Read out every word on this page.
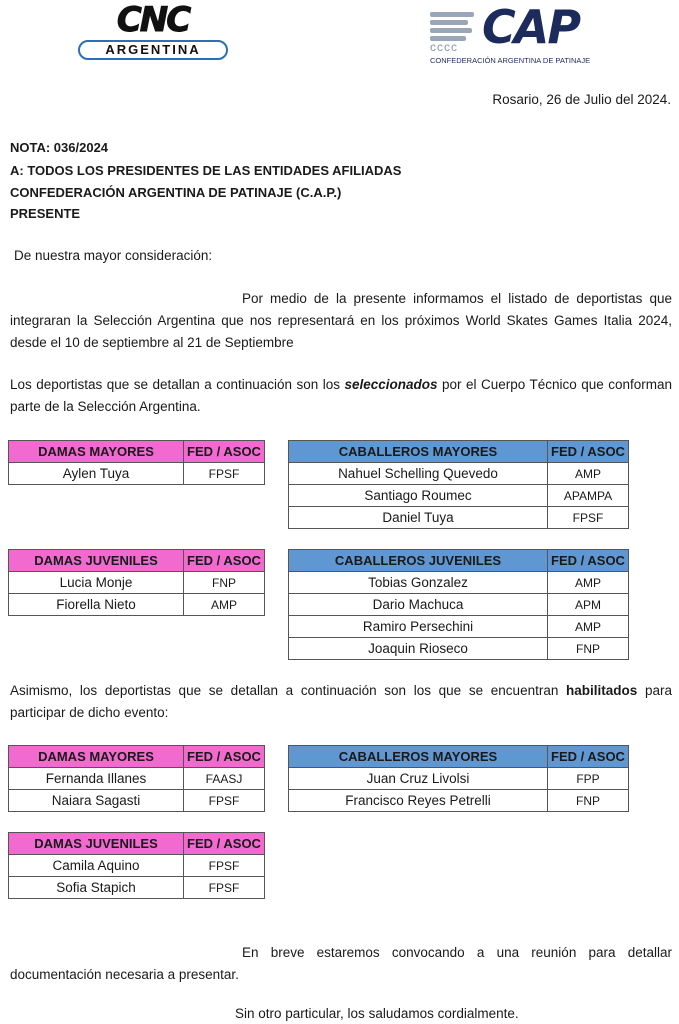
CNC
ARGENTINA	CAP
cccc
CONFEDERACIÓN ARGENTINA DE PATINAJE
Rosario, 26 de Julio del 2024.
NOTA: 036/2024
A: TODOS LOS PRESIDENTES DE LAS ENTIDADES AFILIADAS
CONFEDERACIÓN ARGENTINA DE PATINAJE (C.A.P.)
PRESENTE
De nuestra mayor consideración:
Por medio de la presente informamos el listado de deportistas que integraran la Selección Argentina que nos representará en los próximos World Skates Games Italia 2024, desde el 10 de septiembre al 21 de Septiembre
Los deportistas que se detallan a continuación son los seleccionados por el Cuerpo Técnico que conforman parte de la Selección Argentina.
DAMAS MAYORES	FED / ASOC
Aylen Tuya	FPSF
CABALLEROS MAYORES	FED / ASOC
Nahuel Schelling Quevedo	AMP
Santiago Roumec	APAMPA
Daniel Tuya	FPSF
DAMAS JUVENILES	FED / ASOC
Lucia Monje	FNP
Fiorella Nieto	AMP
CABALLEROS JUVENILES	FED / ASOC
Tobias Gonzalez	AMP
Dario Machuca	APM
Ramiro Persechini	AMP
Joaquin Rioseco	FNP
Asimismo, los deportistas que se detallan a continuación son los que se encuentran habilitados para participar de dicho evento:
DAMAS MAYORES	FED / ASOC
Fernanda Illanes	FAASJ
Naiara Sagasti	FPSF
CABALLEROS MAYORES	FED / ASOC
Juan Cruz Livolsi	FPP
Francisco Reyes Petrelli	FNP
DAMAS JUVENILES	FED / ASOC
Camila Aquino	FPSF
Sofia Stapich	FPSF
En breve estaremos convocando a una reunión para detallar documentación necesaria a presentar.
Sin otro particular, los saludamos cordialmente.
